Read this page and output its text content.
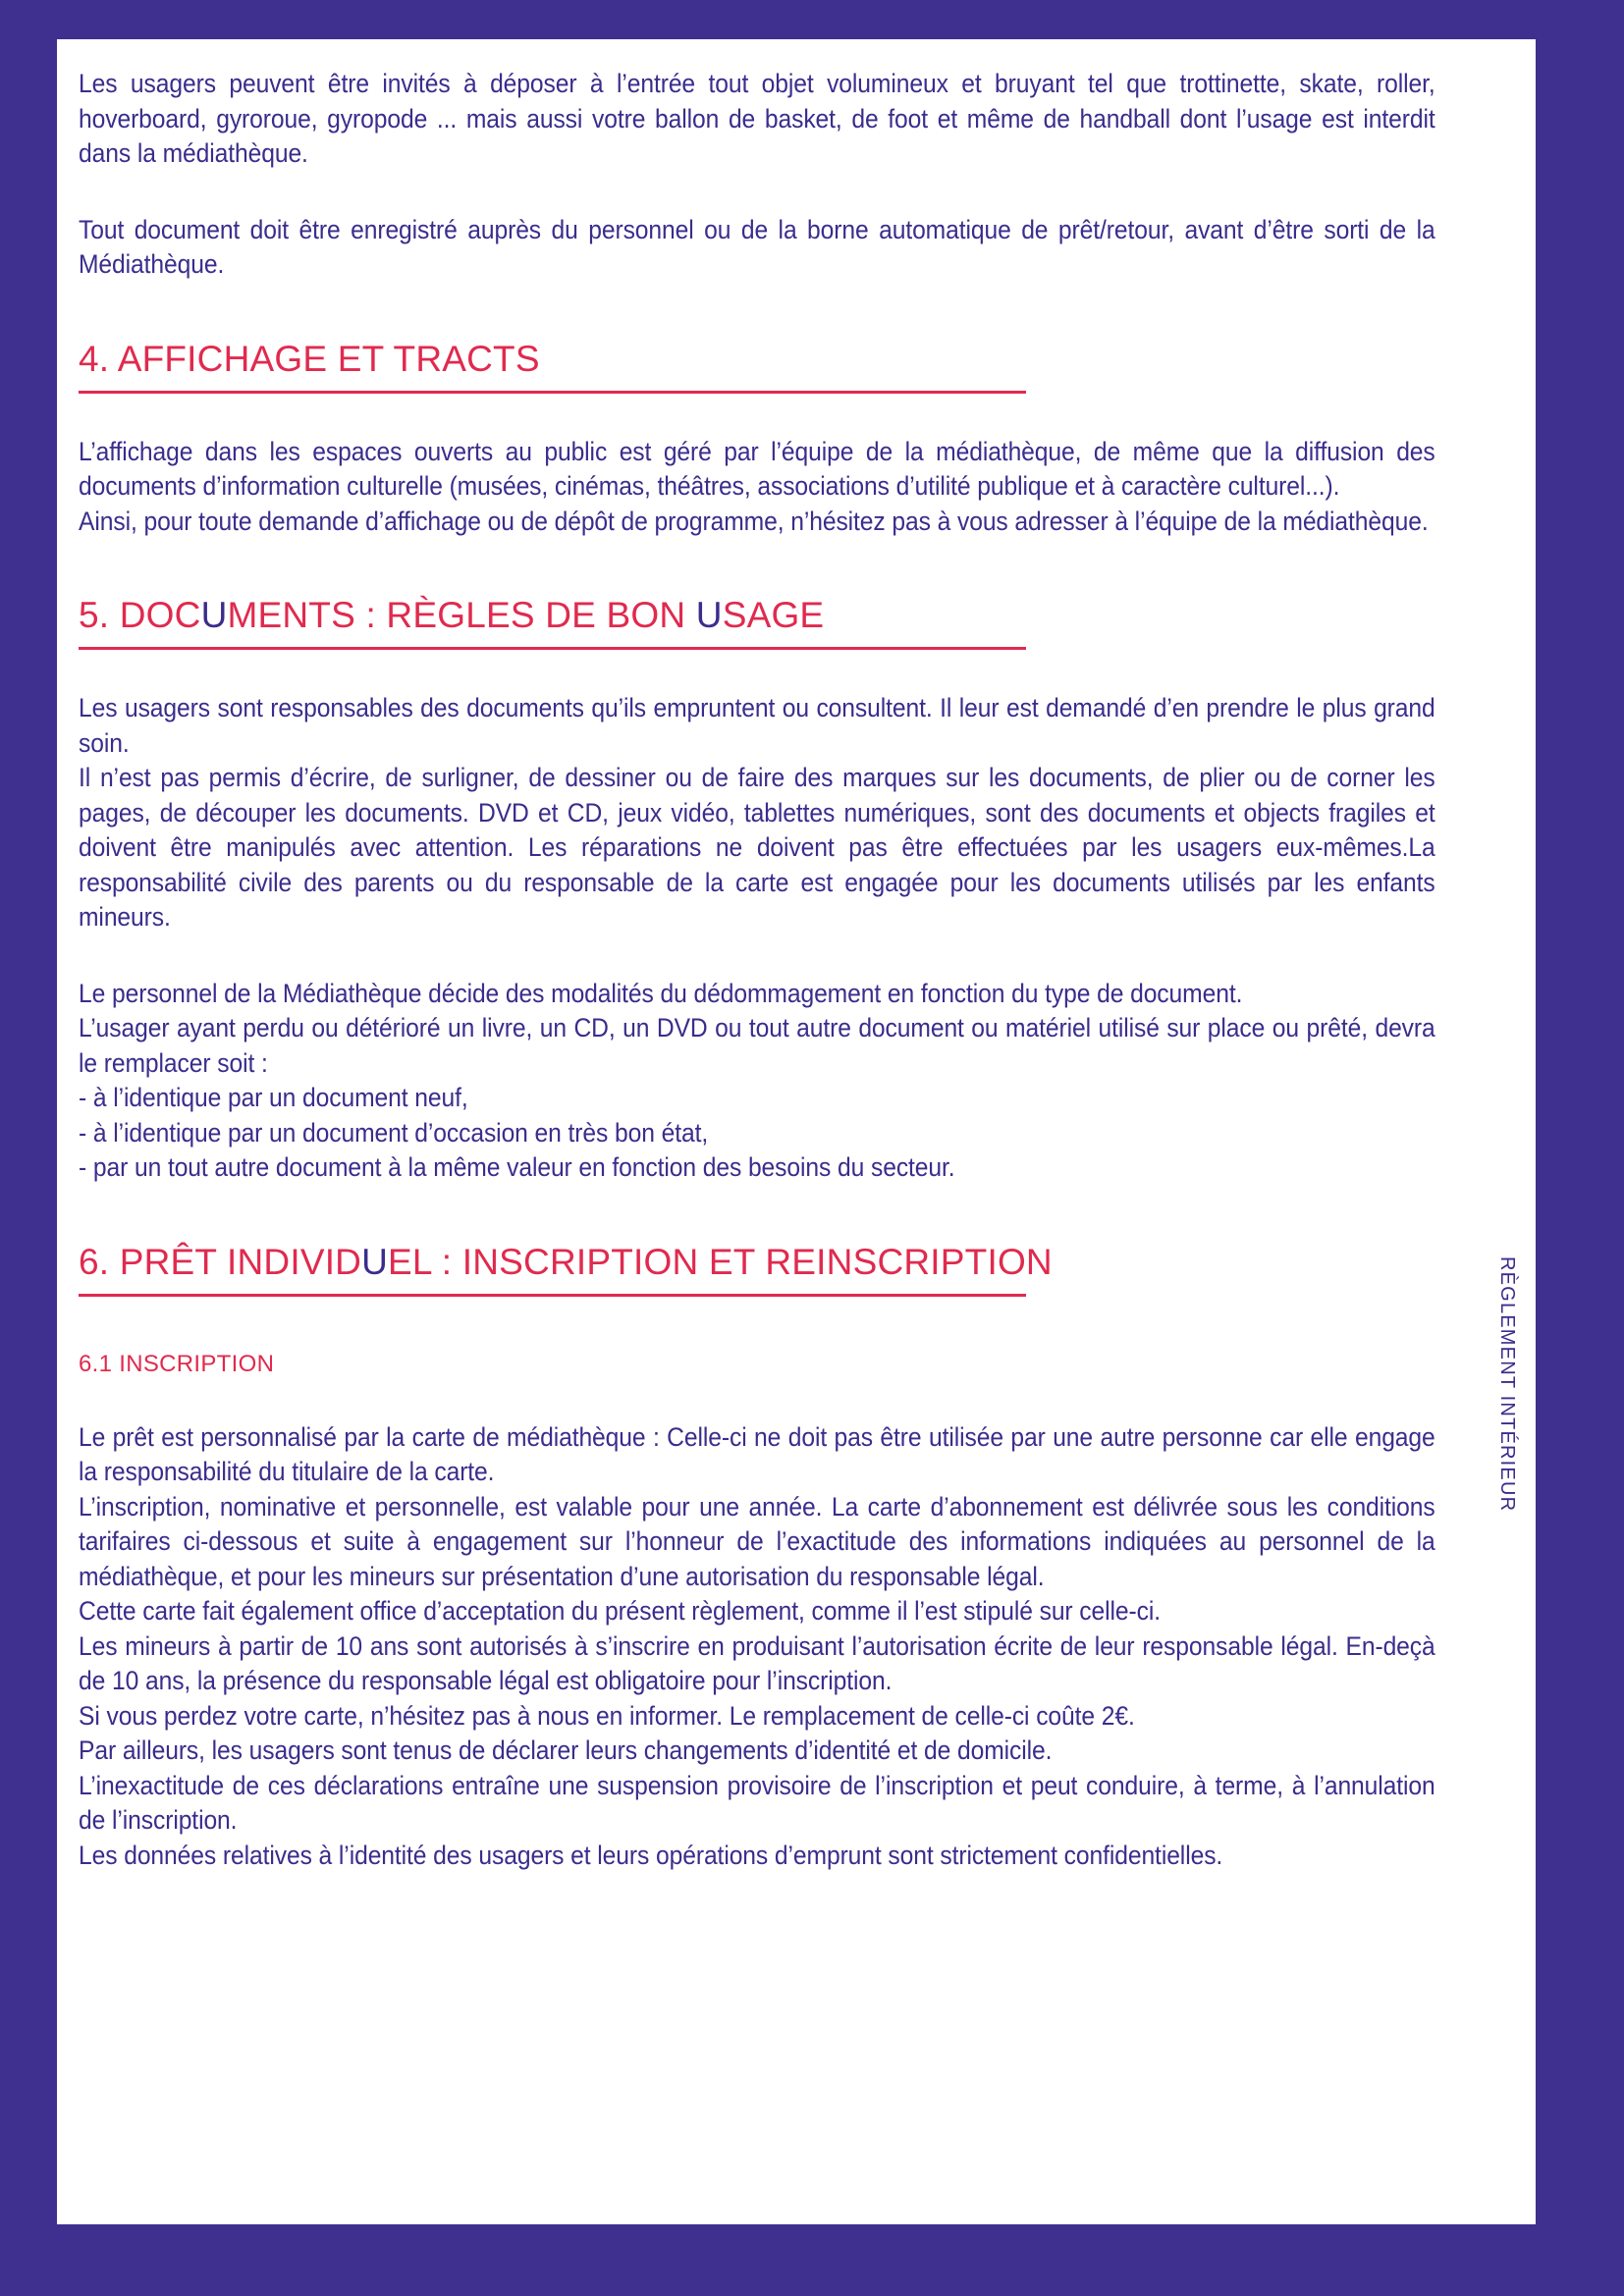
Les usagers peuvent être invités à déposer à l’entrée tout objet volumineux et bruyant tel que trottinette, skate, roller, hoverboard, gyroroue, gyropode ... mais aussi votre ballon de basket, de foot et même de handball dont l’usage est interdit dans la médiathèque.

Tout document doit être enregistré auprès du personnel ou de la borne automatique de prêt/retour, avant d’être sorti de la Médiathèque.

4. AFFICHAGE ET TRACTS

L’affichage dans les espaces ouverts au public est géré par l’équipe de la médiathèque, de même que la diffusion des documents d’information culturelle (musées, cinémas, théâtres, associations d’utilité publique et à caractère culturel...).

Ainsi, pour toute demande d’affichage ou de dépôt de programme, n’hésitez pas à vous adresser à l’équipe de la médiathèque.

5. DOCUMENTS : RÈGLES DE BON USAGE

Les usagers sont responsables des documents qu’ils empruntent ou consultent. Il leur est demandé d’en prendre le plus grand soin.

Il n’est pas permis d’écrire, de surligner, de dessiner ou de faire des marques sur les documents, de plier ou de corner les pages, de découper les documents. DVD et CD, jeux vidéo, tablettes numériques, sont des documents et objects fragiles et doivent être manipulés avec attention. Les réparations ne doivent pas être effectuées par les usagers eux-mêmes.La responsabilité civile des parents ou du responsable de la carte est engagée pour les documents utilisés par les enfants mineurs.

Le personnel de la Médiathèque décide des modalités du dédommagement en fonction du type de document.

L’usager ayant perdu ou détérioré un livre, un CD, un DVD ou tout autre document ou matériel utilisé sur place ou prêté, devra le remplacer soit :

- à l’identique par un document neuf,

- à l’identique par un document d’occasion en très bon état,

- par un tout autre document à la même valeur en fonction des besoins du secteur.

6. PRÊT INDIVIDUEL : INSCRIPTION ET REINSCRIPTION
6.1 INSCRIPTION

Le prêt est personnalisé par la carte de médiathèque : Celle-ci ne doit pas être utilisée par une autre personne car elle engage la responsabilité du titulaire de la carte.

L’inscription, nominative et personnelle, est valable pour une année. La carte d’abonnement est délivrée sous les conditions tarifaires ci-dessous et suite à engagement sur l’honneur de l’exactitude des informations indiquées au personnel de la médiathèque, et pour les mineurs sur présentation d’une autorisation du responsable légal.

Cette carte fait également office d’acceptation du présent règlement, comme il l’est stipulé sur celle-ci.

Les mineurs à partir de 10 ans sont autorisés à s’inscrire en produisant l’autorisation écrite de leur responsable légal. En-deçà de 10 ans, la présence du responsable légal est obligatoire pour l’inscription.

Si vous perdez votre carte, n’hésitez pas à nous en informer. Le remplacement de celle-ci coûte 2€.

Par ailleurs, les usagers sont tenus de déclarer leurs changements d’identité et de domicile.

L’inexactitude de ces déclarations entraîne une suspension provisoire de l’inscription et peut conduire, à terme, à l’annulation de l’inscription.

Les données relatives à l’identité des usagers et leurs opérations d’emprunt sont strictement confidentielles.

RÈGLEMENT INTÉRIEUR
